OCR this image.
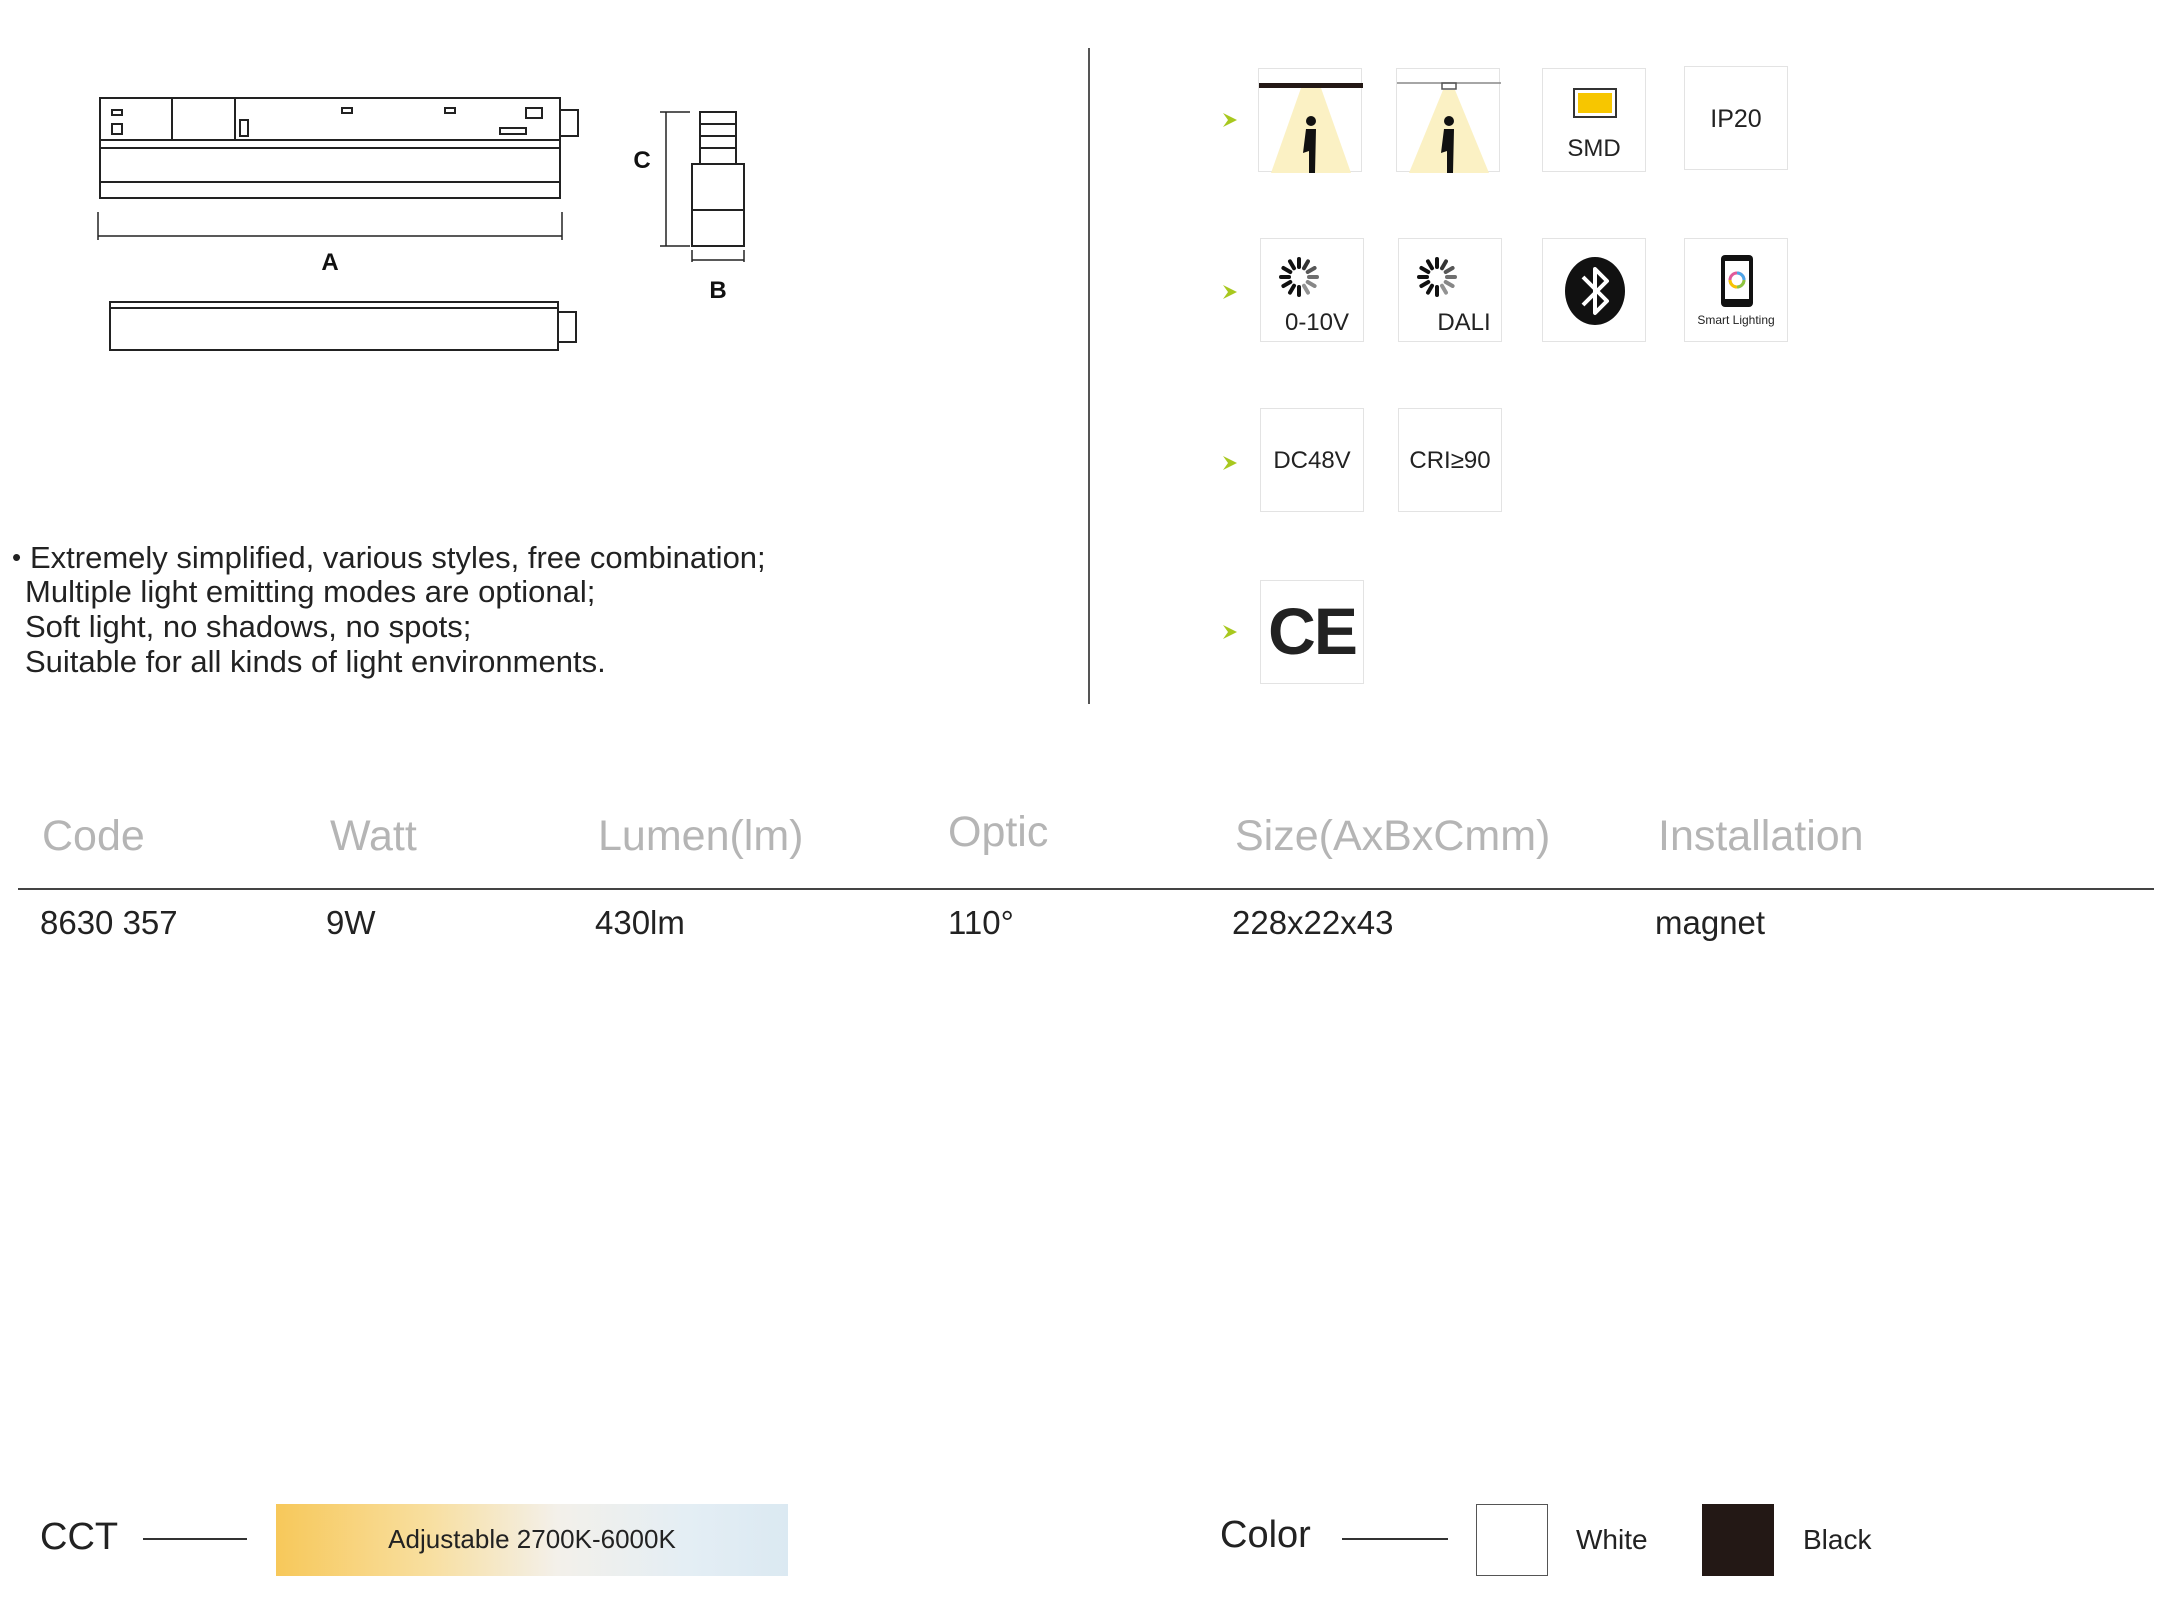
A
C
B
• Extremely simplified, various styles, free combination;
Multiple light emitting modes are optional;
Soft light, no shadows, no spots;
Suitable for all kinds of light environments.
SMD
IP20
0-10V	DALI	Smart Lighting
DC48V	CRI≥90
CE
Code	Watt	Lumen(lm)	Optic	Size(AxBxCmm)	Installation
8630 357	9W	430lm	110°	228x22x43	magnet
CCT	Adjustable 2700K-6000K	Color	White	Black
